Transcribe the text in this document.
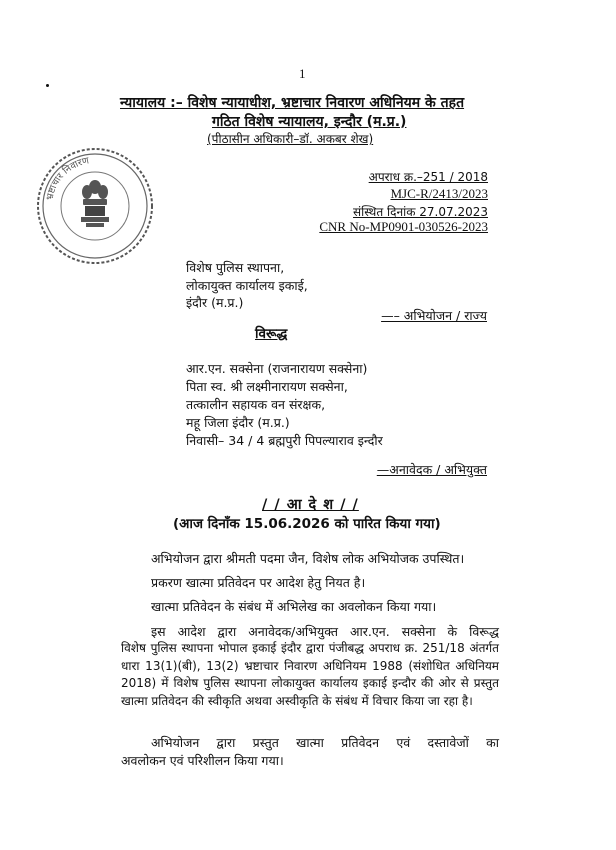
1
न्यायालय :– विशेष न्यायाधीश, भ्रष्टाचार निवारण अधिनियम के तहत
गठित विशेष न्यायालय, इन्दौर (म.प्र.)
(पीठासीन अधिकारी–डॉ. अकबर शेख)
भ्रष्टाचार निवारण
अपराध क्र.–251 / 2018
MJC-R/2413/2023
संस्थित दिनांक 27.07.2023
CNR No-MP0901-030526-2023
विशेष पुलिस स्थापना,
लोकायुक्त कार्यालय इकाई,
इंदौर (म.प्र.)
—– अभियोजन / राज्य
विरूद्ध
आर.एन. सक्सेना (राजनारायण सक्सेना)
पिता स्व. श्री लक्ष्मीनारायण सक्सेना,
तत्कालीन सहायक वन संरक्षक,
महू जिला इंदौर (म.प्र.)
निवासी– 34 / 4 ब्रह्मपुरी पिपल्याराव इन्दौर
—अनावेदक / अभियुक्त
/ / आ दे श / /
(आज दिनाँक 15.06.2026 को पारित किया गया)
अभियोजन द्वारा श्रीमती पदमा जैन, विशेष लोक अभियोजक उपस्थित।
प्रकरण खात्मा प्रतिवेदन पर आदेश हेतु नियत है।
खात्मा प्रतिवेदन के संबंध में अभिलेख का अवलोकन किया गया।
इस आदेश द्वारा अनावेदक/अभियुक्त आर.एन. सक्सेना के विरूद्ध
विशेष पुलिस स्थापना भोपाल इकाई इंदौर द्वारा पंजीबद्ध अपराध क्र. 251/18 अंतर्गत धारा 13(1)(बी), 13(2) भ्रष्टाचार निवारण अधिनियम 1988 (संशोधित अधिनियम 2018) में विशेष पुलिस स्थापना लोकायुक्त कार्यालय इकाई इन्दौर की ओर से प्रस्तुत खात्मा प्रतिवेदन की स्वीकृति अथवा अस्वीकृति के संबंध में विचार किया जा रहा है।
अभियोजन द्वारा प्रस्तुत खात्मा प्रतिवेदन एवं दस्तावेजों का
अवलोकन एवं परिशीलन किया गया।
